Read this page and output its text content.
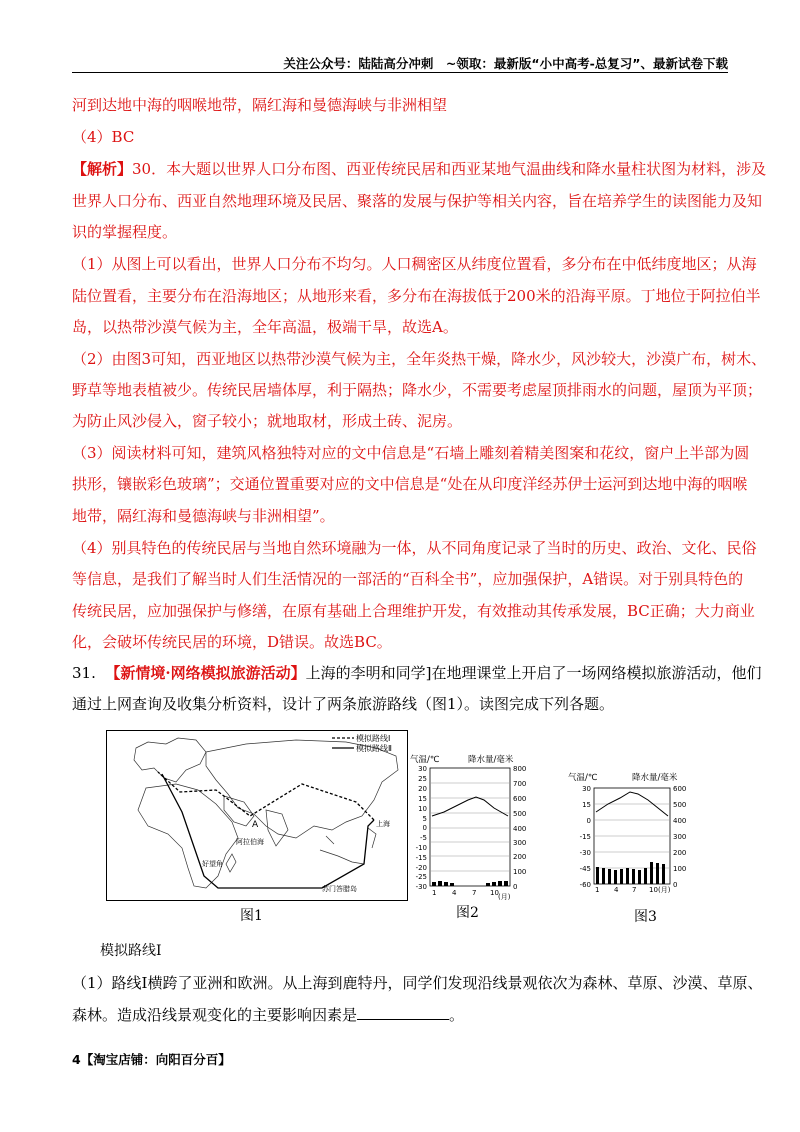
关注公众号：陆陆高分冲刺　~领取：最新版“小中高考-总复习”、最新试卷下载
河到达地中海的咽喉地带，隔红海和曼德海峡与非洲相望
（4）BC
【解析】30．本大题以世界人口分布图、西亚传统民居和西亚某地气温曲线和降水量柱状图为材料，涉及
世界人口分布、西亚自然地理环境及民居、聚落的发展与保护等相关内容，旨在培养学生的读图能力及知
识的掌握程度。
（1）从图上可以看出，世界人口分布不均匀。人口稠密区从纬度位置看，多分布在中低纬度地区；从海
陆位置看，主要分布在沿海地区；从地形来看，多分布在海拔低于200米的沿海平原。丁地位于阿拉伯半
岛，以热带沙漠气候为主，全年高温，极端干旱，故选A。
（2）由图3可知，西亚地区以热带沙漠气候为主，全年炎热干燥，降水少，风沙较大，沙漠广布，树木、
野草等地表植被少。传统民居墙体厚，利于隔热；降水少，不需要考虑屋顶排雨水的问题，屋顶为平顶；
为防止风沙侵入，窗子较小；就地取材，形成土砖、泥房。
（3）阅读材料可知，建筑风格独特对应的文中信息是“石墙上雕刻着精美图案和花纹，窗户上半部为圆
拱形，镶嵌彩色玻璃”；交通位置重要对应的文中信息是“处在从印度洋经苏伊士运河到达地中海的咽喉
地带，隔红海和曼德海峡与非洲相望”。
（4）别具特色的传统民居与当地自然环境融为一体，从不同角度记录了当时的历史、政治、文化、民俗
等信息，是我们了解当时人们生活情况的一部活的“百科全书”，应加强保护，A错误。对于别具特色的
传统民居，应加强保护与修缮，在原有基础上合理维护开发，有效推动其传承发展，BC正确；大力商业
化，会破坏传统民居的环境，D错误。故选BC。
31. 【新情境·网络模拟旅游活动】上海的李明和同学]在地理课堂上开启了一场网络模拟旅游活动，他们
通过上网查询及收集分析资料，设计了两条旅游路线（图1）。读图完成下列各题。
模拟路线Ⅰ
模拟路线Ⅱ
A
阿拉伯海
好望角
苏门答腊岛
上海
图1
气温/℃	降水量/毫米
30
25
20
15
10
5
0
-5
-10
-15
-20
-25
-30
800
700
600
500
400
300
200
100
0
1 4 7 10 (月)
图2
气温/℃	降水量/毫米
30
15
0
-15
-30
-45
-60
600
500
400
300
200
100
0
1 4 7 10 (月)
图3
模拟路线Ⅰ
（1）路线Ⅰ横跨了亚洲和欧洲。从上海到鹿特丹，同学们发现沿线景观依次为森林、草原、沙漠、草原、
森林。造成沿线景观变化的主要影响因素是	。
4【淘宝店铺：向阳百分百】
